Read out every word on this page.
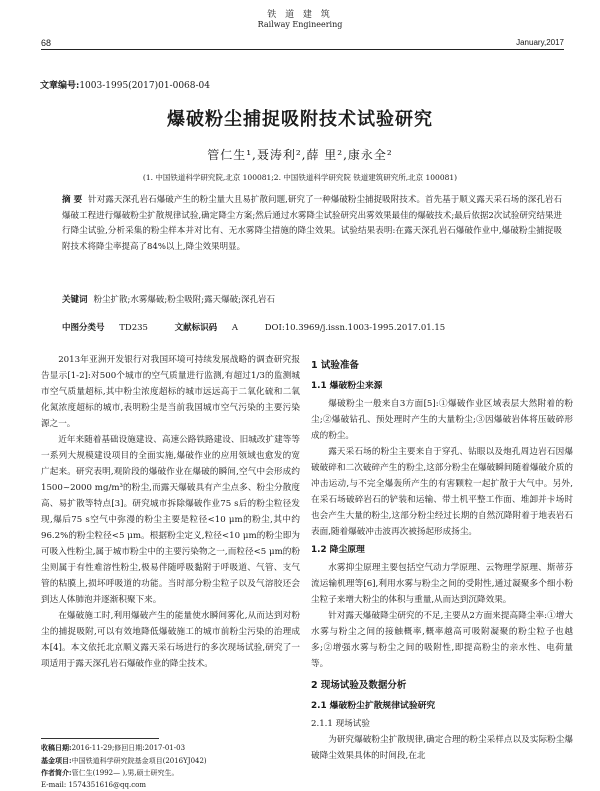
铁 道 建 筑
Railway Engineering
68	January,2017
文章编号:1003-1995(2017)01-0068-04
爆破粉尘捕捉吸附技术试验研究
管仁生¹,聂涛利²,薛 里²,康永全²
(1. 中国铁道科学研究院,北京 100081;2. 中国铁道科学研究院 铁道建筑研究所,北京 100081)
摘 要 针对露天深孔岩石爆破产生的粉尘量大且易扩散问题,研究了一种爆破粉尘捕捉吸附技术。首先基于顺义露天采石场的深孔岩石爆破工程进行爆破粉尘扩散规律试验,确定降尘方案;然后通过水雾降尘试验研究出雾效果最佳的爆破技术;最后依据2次试验研究结果进行降尘试验,分析采集的粉尘样本并对比有、无水雾降尘措施的降尘效果。试验结果表明:在露天深孔岩石爆破作业中,爆破粉尘捕捉吸附技术将降尘率提高了84%以上,降尘效果明显。
关键词 粉尘扩散;水雾爆破;粉尘吸附;露天爆破;深孔岩石
中图分类号 TD235	文献标识码 A	DOI:10.3969/j.issn.1003-1995.2017.01.15

2013年亚洲开发银行对我国环境可持续发展战略的调查研究报告显示[1-2]:对500个城市的空气质量进行监测,有超过1/3的监测城市空气质量超标,其中粉尘浓度超标的城市远远高于二氧化硫和二氧化氮浓度超标的城市,表明粉尘是当前我国城市空气污染的主要污染源之一。

近年来随着基础设施建设、高速公路铁路建设、旧城改扩建等等一系列大规模建设项目的全面实施,爆破作业的应用领域也愈发的宽广起来。研究表明,观阶段的爆破作业在爆破的瞬间,空气中会形成约1500~2000 mg/m³的粉尘,而露天爆破具有产尘点多、粉尘分散度高、易扩散等特点[3]。研究城市拆除爆破作业75 s后的粉尘粒径发现,爆后75 s空气中弥漫的粉尘主要是粒径<10 μm的粉尘,其中约96.2%的粉尘粒径<5 μm。根据粉尘定义,粒径<10 μm的粉尘即为可吸入性粉尘,属于城市粉尘中的主要污染物之一,而粒径<5 μm的粉尘则属于有性难溶性粉尘,极易伴随呼吸黏附于呼吸道、气管、支气管的粘膜上,损坏呼吸道的功能。当时部分粉尘粒子以及气溶胶还会到达人体肺泡并逐渐积聚下来。

在爆破施工时,利用爆破产生的能量使水瞬间雾化,从而达到对粉尘的捕捉吸附,可以有效地降低爆破施工的城市前粉尘污染的治理成本[4]。本文依托北京顺义露天采石场进行的多次现场试验,研究了一项适用于露天深孔岩石爆破作业的降尘技术。

1 试验准备
1.1 爆破粉尘来源

爆破粉尘一般来自3方面[5]:①爆破作业区域表层大然附着的粉尘;②爆破钻孔、预处理时产生的大量粉尘;③因爆破岩体将压破碎形成的粉尘。

露天采石场的粉尘主要来自于穿孔、钻眼以及炮孔周边岩石因爆破破碎和二次破碎产生的粉尘,这部分粉尘在爆破瞬间随着爆破介质的冲击运动,与不完全爆轰所产生的有害颗粒一起扩散于大气中。另外,在采石场破碎岩石的铲装和运输、带土机平整工作面、堆卸并卡场时也会产生大量的粉尘,这部分粉尘经过长期的自然沉降附着于地表岩石表面,随着爆破冲击波再次被扬起形成扬尘。

1.2 降尘原理

水雾抑尘原理主要包括空气动力学原理、云物理学原理、斯蒂芬流运输机理等[6],利用水雾与粉尘之间的受附性,通过凝聚多个细小粉尘粒子来增大粉尘的体积与重量,从而达到沉降效果。

针对露天爆破降尘研究的不足,主要从2方面来提高降尘率:①增大水雾与粉尘之间的接触概率,概率越高可吸附凝聚的粉尘粒子也越多;②增强水雾与粉尘之间的吸附性,即提高粉尘的亲水性、电荷量等。

2 现场试验及数据分析
2.1 爆破粉尘扩散规律试验研究
2.1.1 现场试验

为研究爆破粉尘扩散规律,确定合理的粉尘采样点以及实际粉尘爆破降尘效果具体的时间段,在北

收稿日期:2016-11-29;修回日期:2017-01-03
基金项目:中国铁道科学研究院基金项目(2016YJ042)
作者简介:管仁生(1992— ),男,硕士研究生。
E-mail: 1574351616@qq.com
